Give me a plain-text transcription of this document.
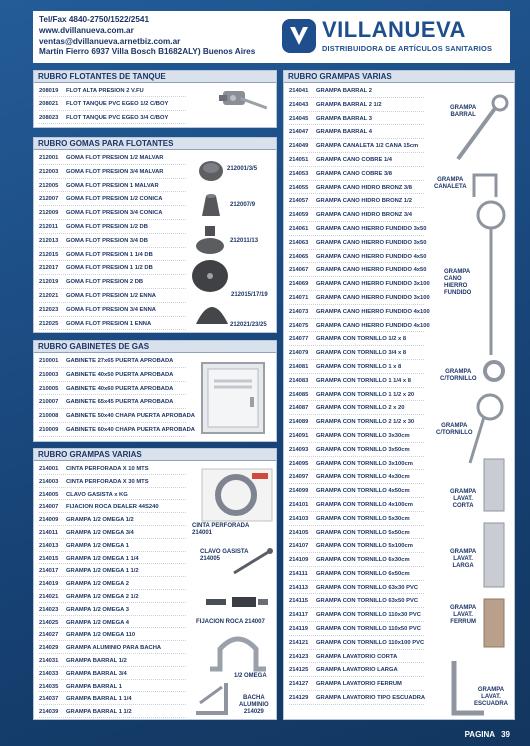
Tel/Fax 4840-2750/1522/2541
www.dvillanueva.com.ar
ventas@dvillanueva.arnetbiz.com.ar
Martín Fierro 6937 Villa Bosch B1682ALY) Buenos Aires
VILLANUEVA
DISTRIBUIDORA DE ARTÍCULOS SANITARIOS
RUBRO FLOTANTES DE TANQUE
208019 FLOT ALTA PRESION 2 V.FU
208021 FLOT TANQUE PVC EGEO 1/2 C/BOY
208023 FLOT TANQUE PVC EGEO 3/4 C/BOY
RUBRO GOMAS PARA FLOTANTES
212001 GOMA FLOT PRESION 1/2 MALVAR
212003 GOMA FLOT PRESION 3/4 MALVAR
212005 GOMA FLOT PRESION 1 MALVAR
212007 GOMA FLOT PRESION 1/2 CONICA
212009 GOMA FLOT PRESION 3/4 CONICA
212011 GOMA FLOT PRESION 1/2 DB
212013 GOMA FLOT PRESION 3/4 DB
212015 GOMA FLOT PRESION 1 1/4 DB
212017 GOMA FLOT PRESION 1 1/2 DB
212019 GOMA FLOT PRESION 2 DB
212021 GOMA FLOT PRESION 1/2 ENNA
212023 GOMA FLOT PRESION 3/4 ENNA
212025 GOMA FLOT PRESION 1 ENNA
212001/3/5
212007/9
212011/13
212015/17/19
212021/23/25
RUBRO GABINETES DE GAS
210001 GABINETE 27x65 PUERTA APROBADA
210003 GABINETE 40x50 PUERTA APROBADA
210005 GABINETE 40x60 PUERTA APROBADA
210007 GABINETE 65x45 PUERTA APROBADA
210008 GABINETE 50x40 CHAPA PUERTA APROBADA
210009 GABINETE 60x40 CHAPA PUERTA APROBADA
RUBRO GRAMPAS VARIAS
214001 CINTA PERFORADA X 10 MTS
214003 CINTA PERFORADA X 30 MTS
214005 CLAVO GASISTA x KG
214007 FIJACION ROCA DEALER 44S240
214009 GRAMPA 1/2 OMEGA 1/2
214011 GRAMPA 1/2 OMEGA 3/4
214013 GRAMPA 1/2 OMEGA 1
214015 GRAMPA 1/2 OMEGA 1 1/4
214017 GRAMPA 1/2 OMEGA 1 1/2
214019 GRAMPA 1/2 OMEGA 2
214021 GRAMPA 1/2 OMEGA 2 1/2
214023 GRAMPA 1/2 OMEGA 3
214025 GRAMPA 1/2 OMEGA 4
214027 GRAMPA 1/2 OMEGA 110
214029 GRAMPA ALUMINIO PARA BACHA
214031 GRAMPA BARRAL 1/2
214033 GRAMPA BARRAL 3/4
214035 GRAMPA BARRAL 1
214037 GRAMPA BARRAL 1 1/4
214039 GRAMPA BARRAL 1 1/2
CINTA PERFORADA
214001
CLAVO GASISTA
214005
FIJACION ROCA 214007
1/2 OMEGA
BACHA
ALUMINIO
214029
RUBRO GRAMPAS VARIAS
214041 GRAMPA BARRAL 2
214043 GRAMPA BARRAL 2 1/2
214045 GRAMPA BARRAL 3
214047 GRAMPA BARRAL 4
214049 GRAMPA CANALETA 1/2 CANA 15cm
214051 GRAMPA CANO COBRE 1/4
214053 GRAMPA CANO COBRE 3/8
214055 GRAMPA CANO HIDRO BRONZ 3/8
214057 GRAMPA CANO HIDRO BRONZ 1/2
214059 GRAMPA CANO HIDRO BRONZ 3/4
214061 GRAMPA CANO HIERRO FUNDIDO 3x50
214063 GRAMPA CANO HIERRO FUNDIDO 3x50
214065 GRAMPA CANO HIERRO FUNDIDO 4x50
214067 GRAMPA CANO HIERRO FUNDIDO 4x50
214069 GRAMPA CANO HIERRO FUNDIDO 3x100
214071 GRAMPA CANO HIERRO FUNDIDO 3x100
214073 GRAMPA CANO HIERRO FUNDIDO 4x100
214075 GRAMPA CANO HIERRO FUNDIDO 4x100
214077 GRAMPA CON TORNILLO 1/2 x 8
214079 GRAMPA CON TORNILLO 3/4 x 8
214081 GRAMPA CON TORNILLO 1 x 8
214083 GRAMPA CON TORNILLO 1 1/4 x 8
214085 GRAMPA CON TORNILLO 1 1/2 x 20
214087 GRAMPA CON TORNILLO 2 x 20
214089 GRAMPA CON TORNILLO 2 1/2 x 30
214091 GRAMPA CON TORNILLO 3x30cm
214093 GRAMPA CON TORNILLO 3x50cm
214095 GRAMPA CON TORNILLO 3x100cm
214097 GRAMPA CON TORNILLO 4x30cm
214099 GRAMPA CON TORNILLO 4x50cm
214101 GRAMPA CON TORNILLO 4x100cm
214103 GRAMPA CON TORNILLO 5x30cm
214105 GRAMPA CON TORNILLO 5x50cm
214107 GRAMPA CON TORNILLO 5x100cm
214109 GRAMPA CON TORNILLO 6x30cm
214111 GRAMPA CON TORNILLO 6x50cm
214113 GRAMPA CON TORNILLO 63x30 PVC
214115 GRAMPA CON TORNILLO 63x50 PVC
214117 GRAMPA CON TORNILLO 110x30 PVC
214119 GRAMPA CON TORNILLO 110x50 PVC
214121 GRAMPA CON TORNILLO 110x100 PVC
214123 GRAMPA LAVATORIO CORTA
214125 GRAMPA LAVATORIO LARGA
214127 GRAMPA LAVATORIO FERRUM
214129 GRAMPA LAVATORIO TIPO ESCUADRA
GRAMPA
BARRAL
GRAMPA
CANALETA
GRAMPA
CANO
HIERRO
FUNDIDO
GRAMPA
C/TORNILLO
GRAMPA
C/TORNILLO
GRAMPA
LAVAT.
CORTA
GRAMPA
LAVAT.
LARGA
GRAMPA
LAVAT.
FERRUM
GRAMPA
LAVAT.
ESCUADRA
PAGINA 39
